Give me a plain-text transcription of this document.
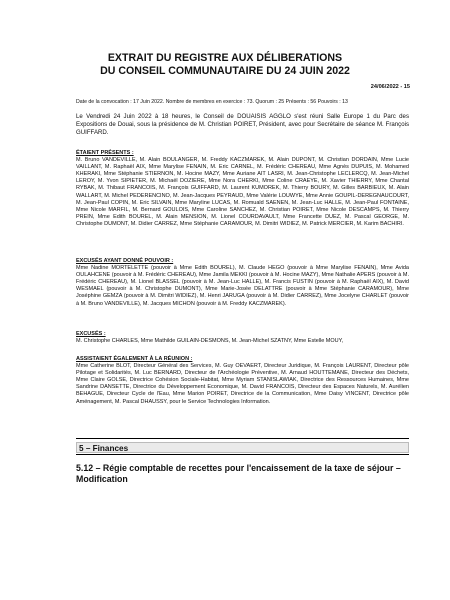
EXTRAIT DU REGISTRE AUX DÉLIBERATIONS
DU CONSEIL COMMUNAUTAIRE DU 24 JUIN 2022
24/06/2022 - 15
Date de la convocation : 17 Juin 2022. Nombre de membres en exercice : 73. Quorum : 25 Présents : 56 Pouvoirs : 13
Le Vendredi 24 Juin 2022 à 18 heures, le Conseil de DOUAISIS AGGLO s'est réuni Salle Europe 1 du Parc des Expositions de Douai, sous la présidence de M. Christian POIRET, Président, avec pour Secrétaire de séance M. François GUIFFARD.
ÉTAIENT PRÉSENTS :
M. Bruno VANDEVILLE, M. Alain BOULANGER, M. Freddy KACZMAREK, M. Alain DUPONT, M. Christian DORDAIN, Mme Lucie VAILLANT, M. Raphaël AIX, Mme Marylise FENAIN, M. Eric CARNEL, M. Frédéric CHEREAU, Mme Agnès DUPUIS, M. Mohamed KHERAKI, Mme Stéphanie STIERNON, M. Hocine MAZY, Mme Auriane AIT LASRI, M. Jean-Christophe LECLERCQ, M. Jean-Michel LEROY, M. Yvon SIPIETER, M. Michaël DOZIERE, Mme Nora CHERKI, Mme Coline CRAEYE, M. Xavier THIERRY, Mme Chantal RYBAK, M. Thibaut FRANCOIS, M. François GUIFFARD, M. Laurent KUMOREK, M. Thierry BOURY, M. Gilles BARBIEUX, M. Alain WALLART, M. Michel PEDERENCINO, M. Jean-Jacques PEYRAUD, Mme Valérie LOUWYE, Mme Annie GOUPIL-DEREGNAUCOURT, M. Jean-Paul COPIN, M. Eric SILVAIN, Mme Maryline LUCAS, M. Romuald SAENEN, M. Jean-Luc HALLE, M. Jean-Paul FONTAINE, Mme Nicole MARFIL, M. Bernard GOULOIS, Mme Caroline SANCHEZ, M. Christian POIRET, Mme Nicole DESCAMPS, M. Thierry PREIN, Mme Edith BOUREL, M. Alain MENSION, M. Lionel COURDAVAULT, Mme Francette DUEZ, M. Pascal GEORGE, M. Christophe DUMONT, M. Didier CARREZ, Mme Stéphanie CARAMOUR, M. Dimitri WIDIEZ, M. Patrick MERCIER, M. Karim BACHIRI.
EXCUSÉS AYANT DONNÉ POUVOIR :
Mme Nadine MORTELETTE (pouvoir à Mme Edith BOUREL), M. Claude HEGO (pouvoir à Mme Marylise FENAIN), Mme Avida OULAHCENE (pouvoir à M. Frédéric CHEREAU), Mme Jamila MEKKI (pouvoir à M. Hocine MAZY), Mme Nathalie APERS (pouvoir à M. Frédéric CHEREAU), M. Lionel BLASSEL (pouvoir à M. Jean-Luc HALLE), M. Francis FUSTIN (pouvoir à M. Raphaël AIX), M. David WESMAEL (pouvoir à M. Christophe DUMONT), Mme Marie-Josée DELATTRE (pouvoir à Mme Stéphanie CARAMOUR), Mme Joséphine GEMZA (pouvoir à M. Dimitri WIDIEZ), M. Henri JARUGA (pouvoir à M. Didier CARREZ), Mme Jocelyne CHARLET (pouvoir à M. Bruno VANDEVILLE), M. Jacques MICHON (pouvoir à M. Freddy KACZMAREK).
EXCUSÉS :
M. Christophe CHARLES, Mme Mathilde GUILAIN-DESMONS, M. Jean-Michel SZATNY, Mme Estelle MOUY,
ASSISTAIENT ÉGALEMENT À LA RÉUNION :
Mme Catherine BLOT, Directeur Général des Services, M. Guy OEVAERT, Directeur Juridique, M. François LAURENT, Directeur pôle Pilotage et Solidarités, M. Luc BERNARD, Directeur de l'Archéologie Préventive, M. Arnaud HOUTTEMANE, Directeur des Déchets, Mme Claire GOLSE, Directrice Cohésion Sociale-Habitat, Mme Myriam STANISLAWIAK, Directrice des Ressources Humaines, Mme Sandrine DANSETTE, Directrice du Développement Economique, M. David FRANCOIS, Directeur des Espaces Naturels, M. Aurélien BEHAGUE, Directeur Cycle de l'Eau, Mme Marion POIRET, Directrice de la Communication, Mme Daisy VINCENT, Directrice pôle Aménagement, M. Pascal DHAUSSY, pour le Service Technologies Information.
5 – Finances
5.12 – Régie comptable de recettes pour l'encaissement de la taxe de séjour – Modification
